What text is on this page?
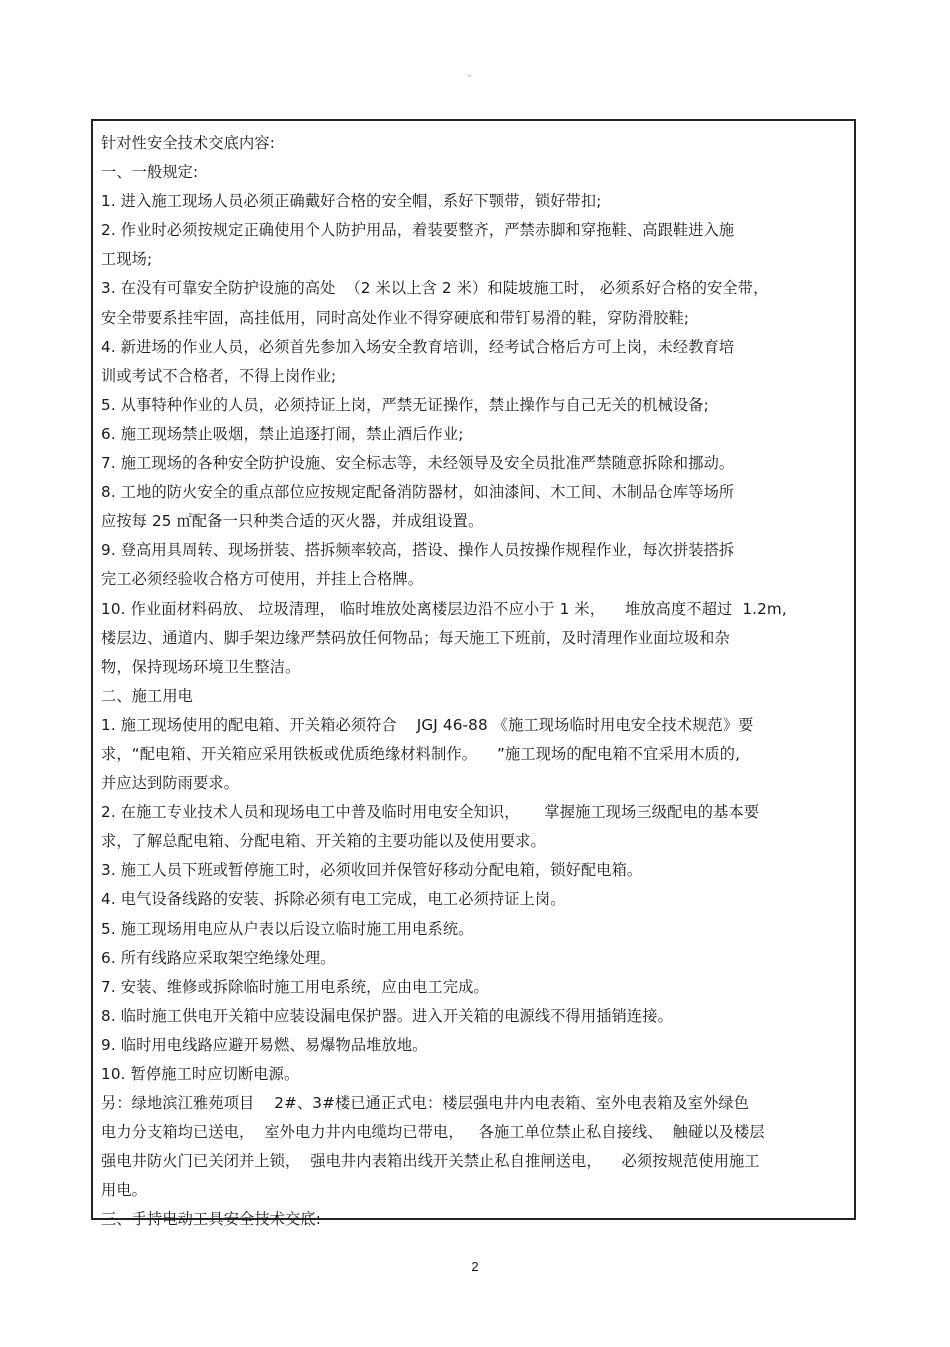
。
针对性安全技术交底内容:
一、一般规定:
1. 进入施工现场人员必须正确戴好合格的安全帽，系好下颚带，锁好带扣;
2. 作业时必须按规定正确使用个人防护用品，着装要整齐，严禁赤脚和穿拖鞋、高跟鞋进入施
工现场;
3. 在没有可靠安全防护设施的高处  （2 米以上含 2 米）和陡坡施工时， 必须系好合格的安全带，
安全带要系挂牢固，高挂低用，同时高处作业不得穿硬底和带钉易滑的鞋，穿防滑胶鞋;
4. 新进场的作业人员，必须首先参加入场安全教育培训，经考试合格后方可上岗，未经教育培
训或考试不合格者，不得上岗作业;
5. 从事特种作业的人员，必须持证上岗，严禁无证操作，禁止操作与自己无关的机械设备;
6. 施工现场禁止吸烟，禁止追逐打闹，禁止酒后作业;
7. 施工现场的各种安全防护设施、安全标志等，未经领导及安全员批准严禁随意拆除和挪动。
8. 工地的防火安全的重点部位应按规定配备消防器材，如油漆间、木工间、木制品仓库等场所
应按每 25 ㎡配备一只种类合适的灭火器，并成组设置。
9. 登高用具周转、现场拼装、搭拆频率较高，搭设、操作人员按操作规程作业，每次拼装搭拆
完工必须经验收合格方可使用，并挂上合格牌。
10. 作业面材料码放、 垃圾清理， 临时堆放处离楼层边沿不应小于 1 米，    堆放高度不超过  1.2m,
楼层边、通道内、脚手架边缘严禁码放任何物品；每天施工下班前，及时清理作业面垃圾和杂
物，保持现场环境卫生整洁。
二、施工用电
1. 施工现场使用的配电箱、开关箱必须符合    JGJ 46-88 《施工现场临时用电安全技术规范》要
求，“配电箱、开关箱应采用铁板或优质绝缘材料制作。    ”施工现场的配电箱不宜采用木质的,
并应达到防雨要求。
2. 在施工专业技术人员和现场电工中普及临时用电安全知识，     掌握施工现场三级配电的基本要
求，了解总配电箱、分配电箱、开关箱的主要功能以及使用要求。
3. 施工人员下班或暂停施工时，必须收回并保管好移动分配电箱，锁好配电箱。
4. 电气设备线路的安装、拆除必须有电工完成，电工必须持证上岗。
5. 施工现场用电应从户表以后设立临时施工用电系统。
6. 所有线路应采取架空绝缘处理。
7. 安装、维修或拆除临时施工用电系统，应由电工完成。
8. 临时施工供电开关箱中应装设漏电保护器。进入开关箱的电源线不得用插销连接。
9. 临时用电线路应避开易燃、易爆物品堆放地。
10. 暂停施工时应切断电源。
另：绿地滨江雅苑项目    2#、3#楼已通正式电：楼层强电井内电表箱、室外电表箱及室外绿色
电力分支箱均已送电，  室外电力井内电缆均已带电，   各施工单位禁止私自接线、  触碰以及楼层
强电井防火门已关闭并上锁，  强电井内表箱出线开关禁止私自推闸送电，    必须按规范使用施工
用电。
三、手持电动工具安全技术交底:
2
